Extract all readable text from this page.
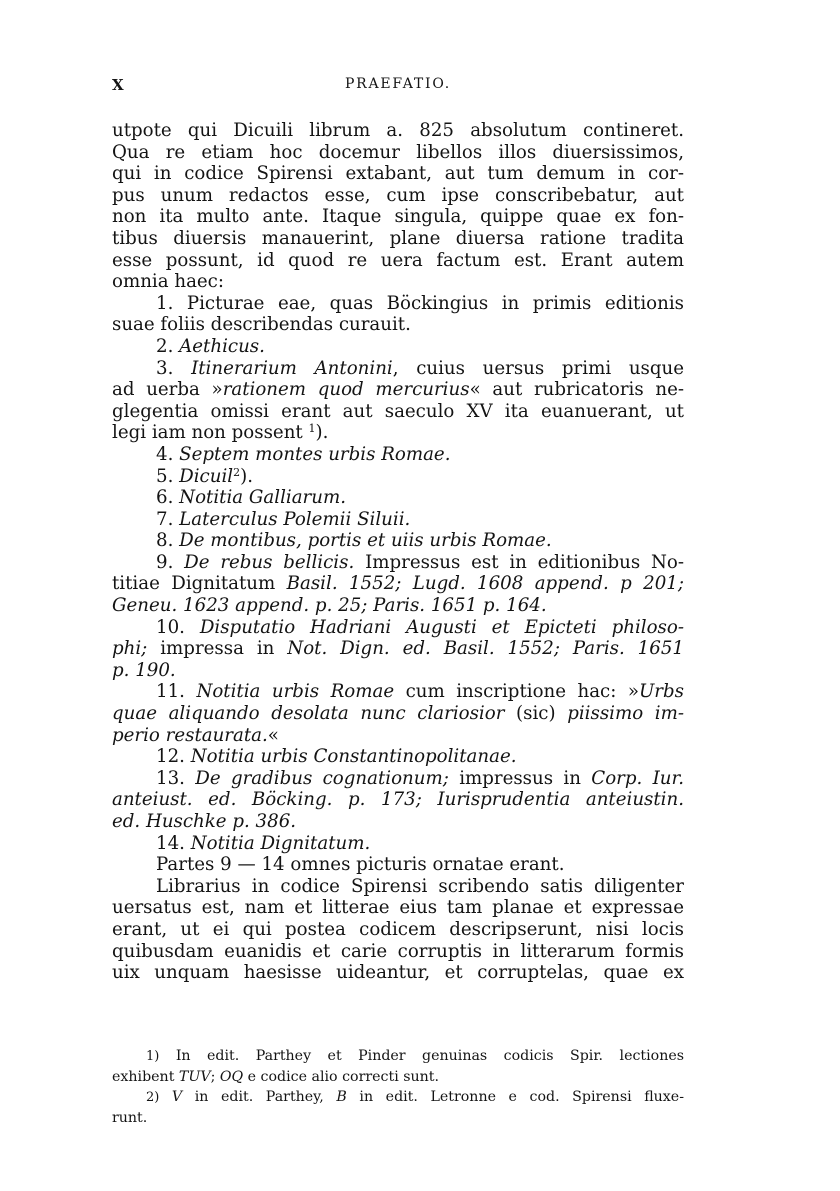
X	PRAEFATIO.
utpote qui Dicuili librum a. 825 absolutum contineret.
Qua re etiam hoc docemur libellos illos diuersissimos,
qui in codice Spirensi extabant, aut tum demum in cor-
pus unum redactos esse, cum ipse conscribebatur, aut
non ita multo ante. Itaque singula, quippe quae ex fon-
tibus diuersis manauerint, plane diuersa ratione tradita
esse possunt, id quod re uera factum est. Erant autem
omnia haec:
1. Picturae eae, quas Böckingius in primis editionis
suae foliis describendas curauit.
2. Aethicus.
3. Itinerarium Antonini, cuius uersus primi usque
ad uerba »rationem quod mercurius« aut rubricatoris ne-
glegentia omissi erant aut saeculo XV ita euanuerant, ut
legi iam non possent $^1$).
4. Septem montes urbis Romae.
5. Dicuil$^2$).
6. Notitia Galliarum.
7. Laterculus Polemii Siluii.
8. De montibus, portis et uiis urbis Romae.
9. De rebus bellicis. Impressus est in editionibus No-
titiae Dignitatum Basil. 1552; Lugd. 1608 append. p 201;
Geneu. 1623 append. p. 25; Paris. 1651 p. 164.
10. Disputatio Hadriani Augusti et Epicteti philoso-
phi; impressa in Not. Dign. ed. Basil. 1552; Paris. 1651
p. 190.
11. Notitia urbis Romae cum inscriptione hac: »Urbs
quae aliquando desolata nunc clariosior (sic) piissimo im-
perio restaurata.«
12. Notitia urbis Constantinopolitanae.
13. De gradibus cognationum; impressus in Corp. Iur.
anteiust. ed. Böcking. p. 173; Iurisprudentia anteiustin.
ed. Huschke p. 386.
14. Notitia Dignitatum.
Partes 9 — 14 omnes picturis ornatae erant.
Librarius in codice Spirensi scribendo satis diligenter
uersatus est, nam et litterae eius tam planae et expressae
erant, ut ei qui postea codicem descripserunt, nisi locis
quibusdam euanidis et carie corruptis in litterarum formis
uix unquam haesisse uideantur, et corruptelas, quae ex
1) In edit. Parthey et Pinder genuinas codicis Spir. lectiones
exhibent TUV; OQ e codice alio correcti sunt.
2) V in edit. Parthey, B in edit. Letronne e cod. Spirensi fluxe-
runt.
